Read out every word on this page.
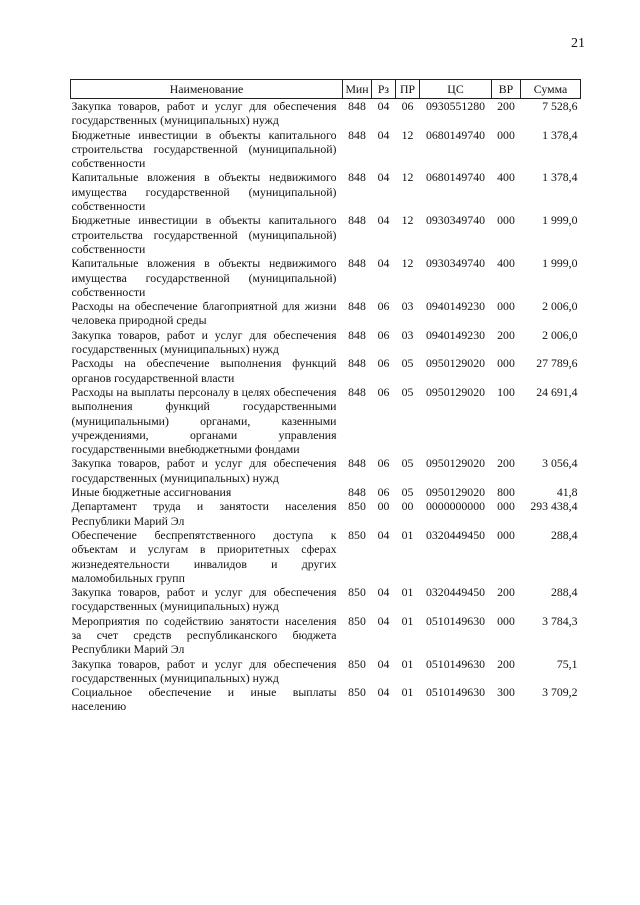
21
Наименование	Мин	Рз	ПР	ЦС	ВР	Сумма
Закупка товаров, работ и услуг для обеспечения государственных (муниципальных) нужд	848	04	06	0930551280	200	7 528,6
Бюджетные инвестиции в объекты капитального строительства государственной (муниципальной) собственности	848	04	12	0680149740	000	1 378,4
Капитальные вложения в объекты недвижимого имущества государственной (муниципальной) собственности	848	04	12	0680149740	400	1 378,4
Бюджетные инвестиции в объекты капитального строительства государственной (муниципальной) собственности	848	04	12	0930349740	000	1 999,0
Капитальные вложения в объекты недвижимого имущества государственной (муниципальной) собственности	848	04	12	0930349740	400	1 999,0
Расходы на обеспечение благоприятной для жизни человека природной среды	848	06	03	0940149230	000	2 006,0
Закупка товаров, работ и услуг для обеспечения государственных (муниципальных) нужд	848	06	03	0940149230	200	2 006,0
Расходы на обеспечение выполнения функций органов государственной власти	848	06	05	0950129020	000	27 789,6
Расходы на выплаты персоналу в целях обеспечения выполнения функций государственными (муниципальными) органами, казенными учреждениями, органами управления государственными внебюджетными фондами	848	06	05	0950129020	100	24 691,4
Закупка товаров, работ и услуг для обеспечения государственных (муниципальных) нужд	848	06	05	0950129020	200	3 056,4
Иные бюджетные ассигнования	848	06	05	0950129020	800	41,8
Департамент труда и занятости населения Республики Марий Эл	850	00	00	0000000000	000	293 438,4
Обеспечение беспрепятственного доступа к объектам и услугам в приоритетных сферах жизнедеятельности инвалидов и других маломобильных групп	850	04	01	0320449450	000	288,4
Закупка товаров, работ и услуг для обеспечения государственных (муниципальных) нужд	850	04	01	0320449450	200	288,4
Мероприятия по содействию занятости населения за счет средств республиканского бюджета Республики Марий Эл	850	04	01	0510149630	000	3 784,3
Закупка товаров, работ и услуг для обеспечения государственных (муниципальных) нужд	850	04	01	0510149630	200	75,1
Социальное обеспечение и иные выплаты населению	850	04	01	0510149630	300	3 709,2
